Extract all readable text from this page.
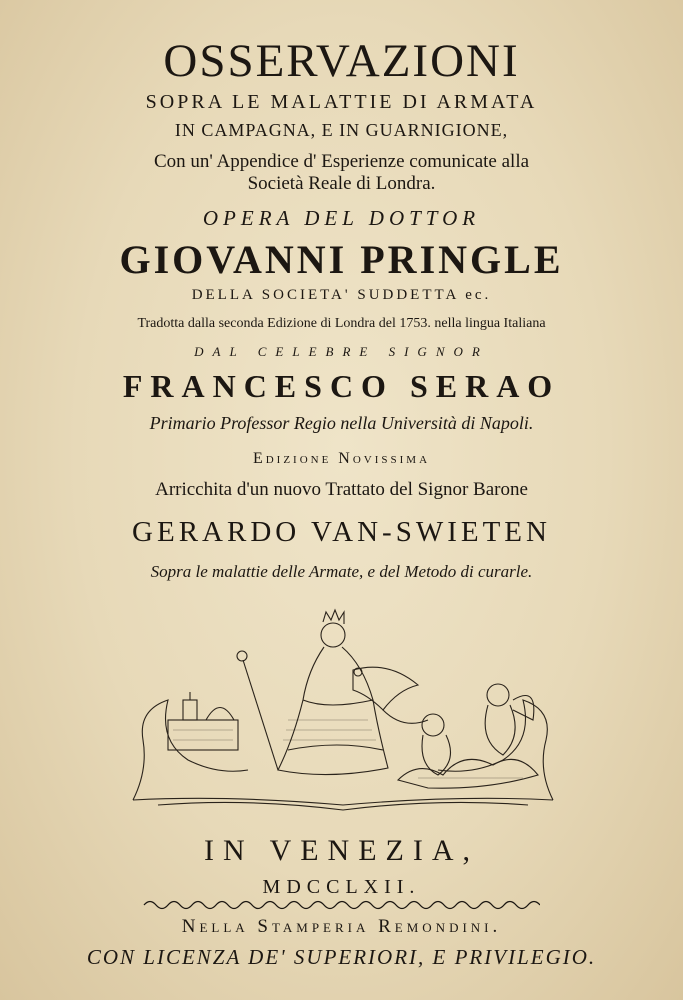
OSSERVAZIONI
SOPRA LE MALATTIE DI ARMATA
IN CAMPAGNA, E IN GUARNIGIONE,
Con un' Appendice d' Esperienze comunicate alla
Società Reale di Londra.
OPERA DEL DOTTOR
GIOVANNI PRINGLE
DELLA SOCIETA' SUDDETTA ec.
Tradotta dalla seconda Edizione di Londra del 1753. nella lingua Italiana
DAL CELEBRE SIGNOR
FRANCESCO SERAO
Primario Professor Regio nella Università di Napoli.
Edizione Novissima
Arricchita d'un nuovo Trattato del Signor Barone
GERARDO VAN-SWIETEN
Sopra le malattie delle Armate, e del Metodo di curarle.
IN VENEZIA,
MDCCLXII.
Nella Stamperia Remondini.
CON LICENZA DE' SUPERIORI, E PRIVILEGIO.
